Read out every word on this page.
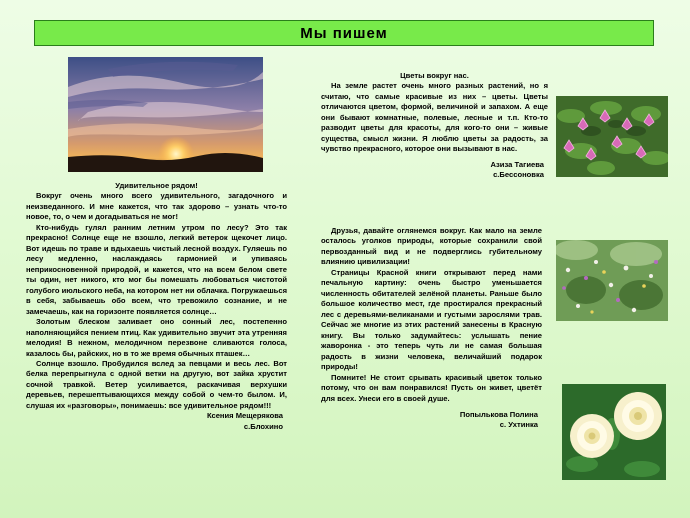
Мы пишем

Удивительное рядом!

Вокруг очень много всего удивительного, загадочного и неизведанного. И мне кажется, что так здорово – узнать что-то новое, то, о чем и догадываться не мог!

Кто-нибудь гулял ранним летним утром по лесу? Это так прекрасно! Солнце еще не взошло, легкий ветерок щекочет лицо. Вот идешь по траве и вдыхаешь чистый лесной воздух. Гуляешь по лесу медленно, наслаждаясь гармонией и упиваясь неприкосновенной природой, и кажется, что на всем белом свете ты один, нет никого, кто мог бы помешать любоваться чистотой голубого июльского неба, на котором нет ни облачка. Погружаешься в себя, забываешь обо всем, что тревожило сознание, и не замечаешь, как на горизонте появляется солнце…

Золотым блеском заливает оно сонный лес, постепенно наполняющийся пением птиц. Как удивительно звучит эта утренняя мелодия! В нежном, мелодичном перезвоне сливаются голоса, казалось бы, райских, но в то же время обычных пташек…

Солнце взошло. Пробудился вслед за певцами и весь лес. Вот белка перепрыгнула с одной ветки на другую, вот зайка хрустит сочной травкой. Ветер усиливается, раскачивая верхушки деревьев, перешептывающихся между собой о чем-то былом. И, слушая их «разговоры», понимаешь: все удивительное рядом!!!

Ксения Мещерякова

с.Блохино

Цветы вокруг нас.

На земле растет очень много разных растений, но я считаю, что самые красивые из них – цветы. Цветы отличаются цветом, формой, величиной и запахом. А еще они бывают комнатные, полевые, лесные и т.п. Кто-то разводит цветы для красоты, для кого-то они – живые существа, смысл жизни. Я люблю цветы за радость, за чувство прекрасного, которое они вызывают в нас.

Азиза Тагиева

с.Бессоновка

Друзья, давайте оглянемся вокруг. Как мало на земле осталось уголков природы, которые сохранили свой первозданный вид и не подверглись губительному влиянию цивилизации!

Страницы Красной книги открывают перед нами печальную картину: очень быстро уменьшается численность обитателей зелёной планеты. Раньше было большое количество мест, где простирался прекрасный лес с деревьями-великанами и густыми зарослями трав. Сейчас же многие из этих растений занесены в Красную книгу. Вы только задумайтесь: услышать пение жаворонка - это теперь чуть ли не самая большая радость в жизни человека, величайший подарок природы!

Помните! Не стоит срывать красивый цветок только потому, что он вам понравился! Пусть он живет, цветёт для всех. Унеси его в своей душе.

Попылькова Полина

с. Ухтинка
